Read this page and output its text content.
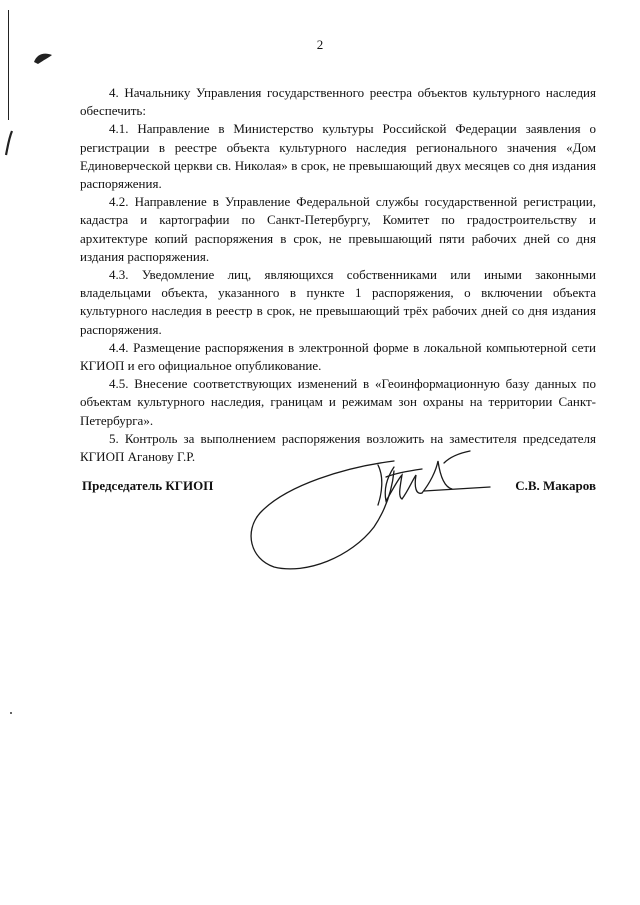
2

4. Начальнику Управления государственного реестра объектов культурного наследия обеспечить:

4.1. Направление в Министерство культуры Российской Федерации заявления о регистрации в реестре объекта культурного наследия регионального значения «Дом Единоверческой церкви св. Николая» в срок, не превышающий двух месяцев со дня издания распоряжения.

4.2. Направление в Управление Федеральной службы государственной регистрации, кадастра и картографии по Санкт-Петербургу, Комитет по градостроительству и архитектуре копий распоряжения в срок, не превышающий пяти рабочих дней со дня издания распоряжения.

4.3. Уведомление лиц, являющихся собственниками или иными законными владельцами объекта, указанного в пункте 1 распоряжения, о включении объекта культурного наследия в реестр в срок, не превышающий трёх рабочих дней со дня издания распоряжения.

4.4. Размещение распоряжения в электронной форме в локальной компьютерной сети КГИОП и его официальное опубликование.

4.5. Внесение соответствующих изменений в «Геоинформационную базу данных по объектам культурного наследия, границам и режимам зон охраны на территории Санкт-Петербурга».

5. Контроль за выполнением распоряжения возложить на заместителя председателя КГИОП Аганову Г.Р.

Председатель КГИОП	С.В. Макаров
